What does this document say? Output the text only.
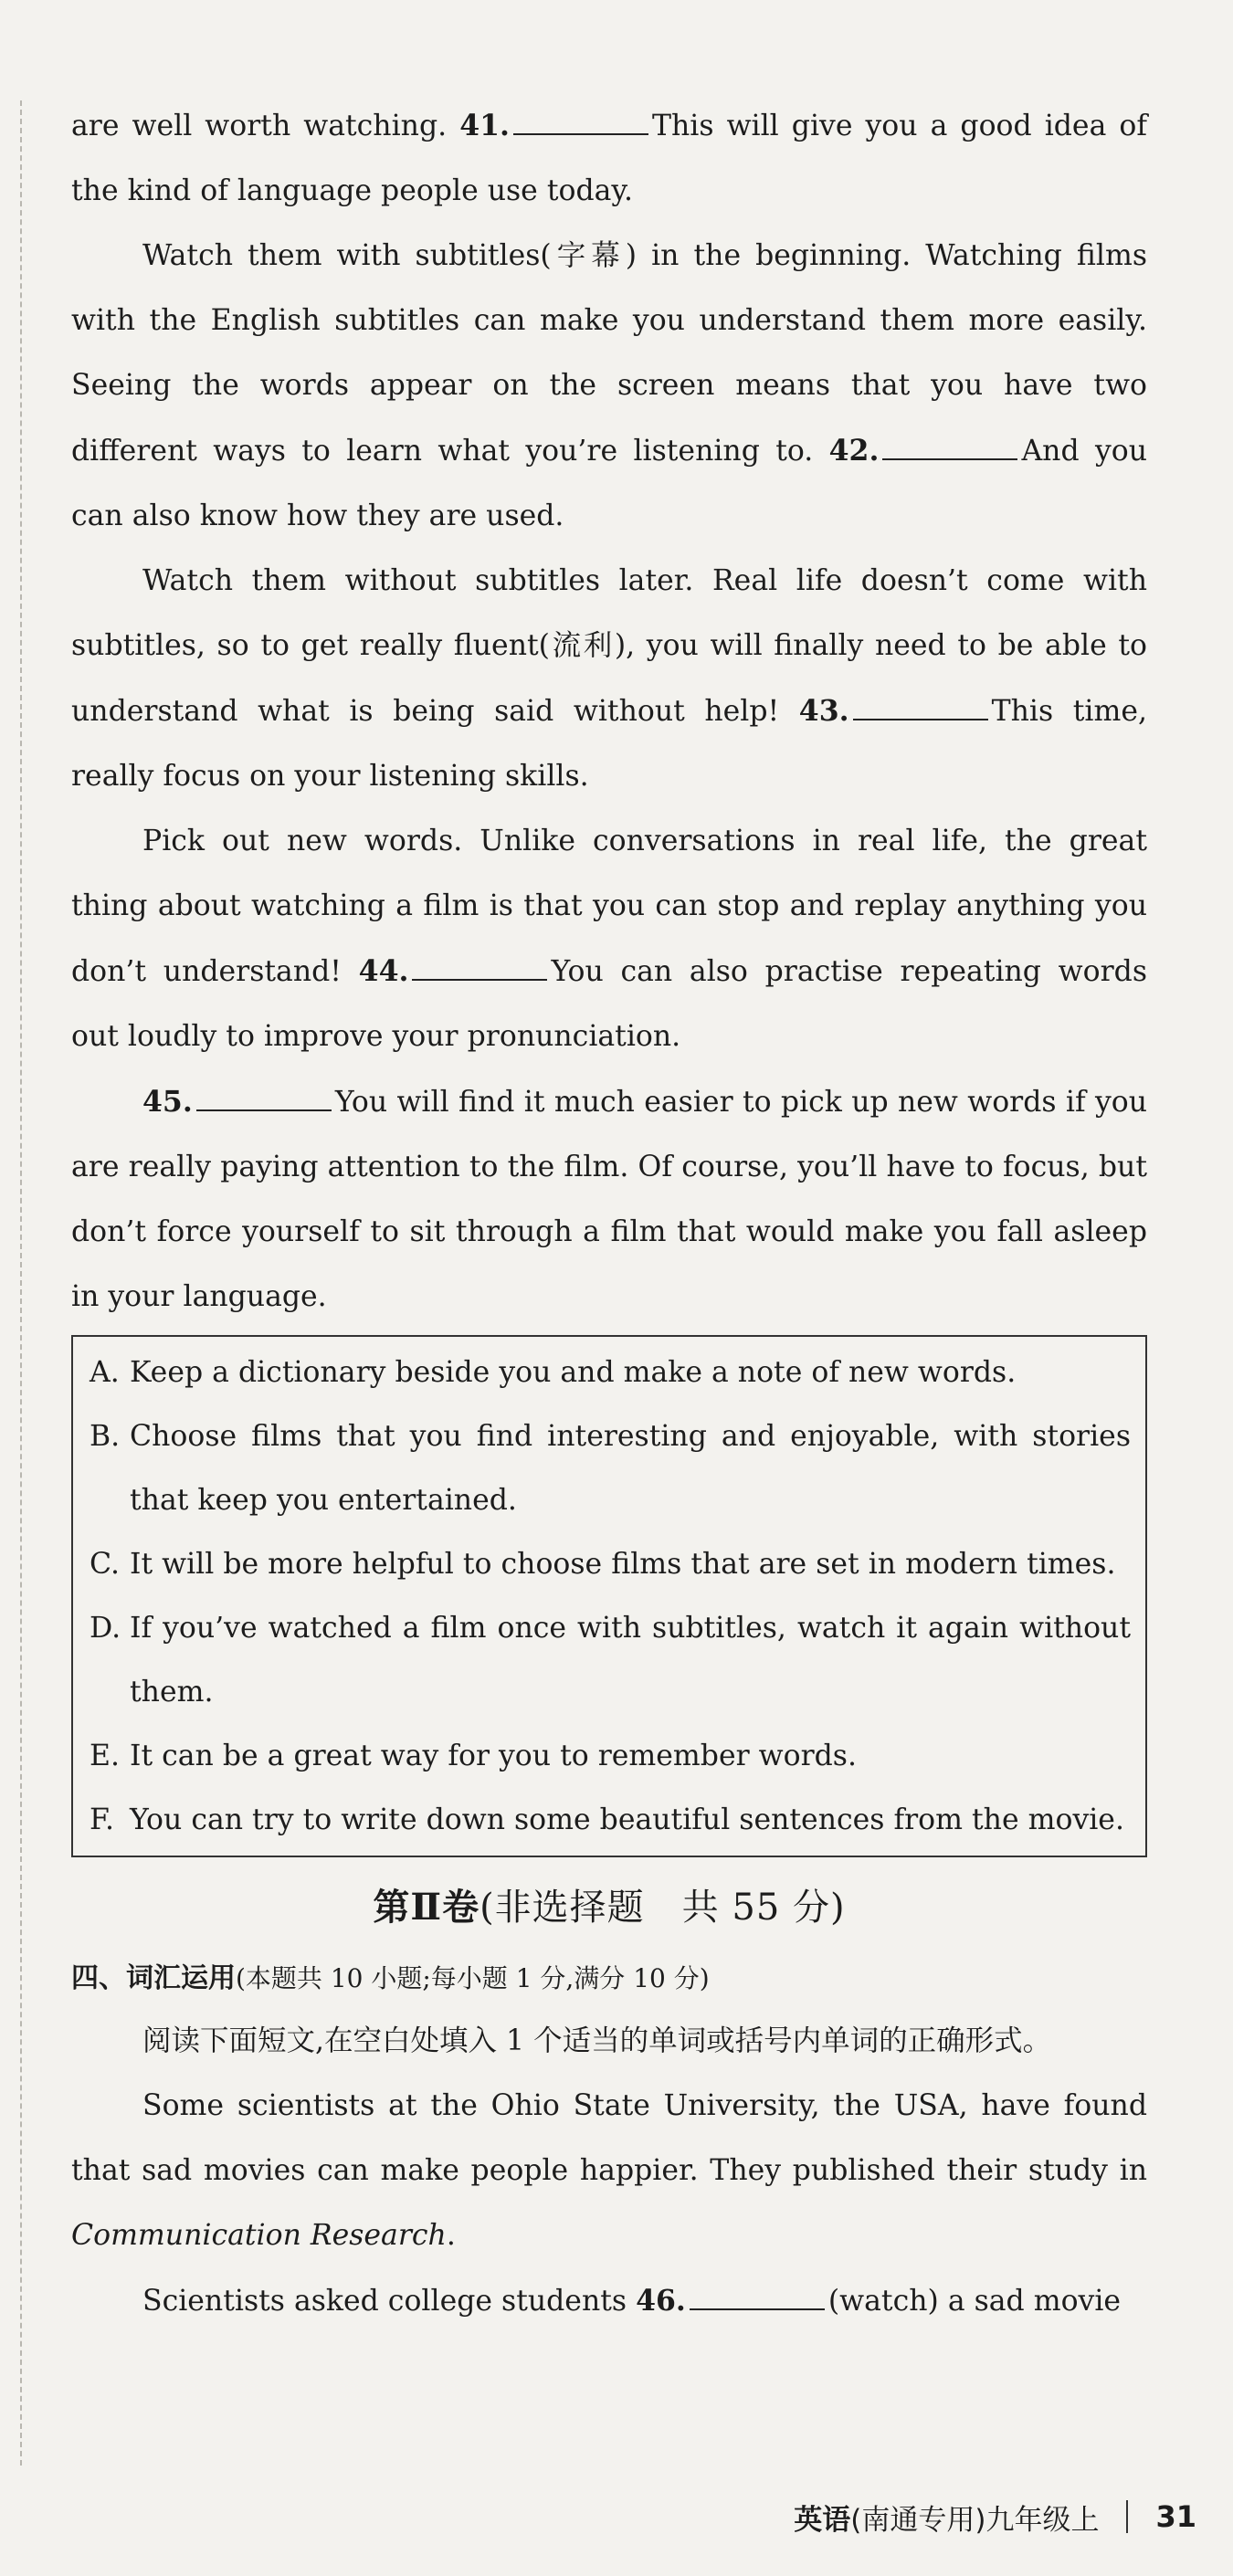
are well worth watching. 41.	This will give you a good idea of the kind of language people use today.

Watch them with subtitles(字幕) in the beginning. Watching films with the English subtitles can make you understand them more easily. Seeing the words appear on the screen means that you have two different ways to learn what you’re listening to. 42.	And you can also know how they are used.

Watch them without subtitles later. Real life doesn’t come with subtitles, so to get really fluent(流利), you will finally need to be able to understand what is being said without help! 43.	This time, really focus on your listening skills.

Pick out new words. Unlike conversations in real life, the great thing about watching a film is that you can stop and replay anything you don’t understand! 44.	You can also practise repeating words out loudly to improve your pronunciation.

45.	You will find it much easier to pick up new words if you are really paying attention to the film. Of course, you’ll have to focus, but don’t force yourself to sit through a film that would make you fall asleep in your language.

A. Keep a dictionary beside you and make a note of new words.
B. Choose films that you find interesting and enjoyable, with stories that keep you entertained.
C. It will be more helpful to choose films that are set in modern times.
D. If you’ve watched a film once with subtitles, watch it again without them.
E. It can be a great way for you to remember words.
F. You can try to write down some beautiful sentences from the movie.
第Ⅱ卷(非选择题　共 55 分)

四、词汇运用(本题共 10 小题;每小题 1 分,满分 10 分)

阅读下面短文,在空白处填入 1 个适当的单词或括号内单词的正确形式。

Some scientists at the Ohio State University, the USA, have found that sad movies can make people happier. They published their study in Communication Research.

Scientists asked college students 46.	(watch) a sad movie

英语 (南通专用) 九年级上 31
